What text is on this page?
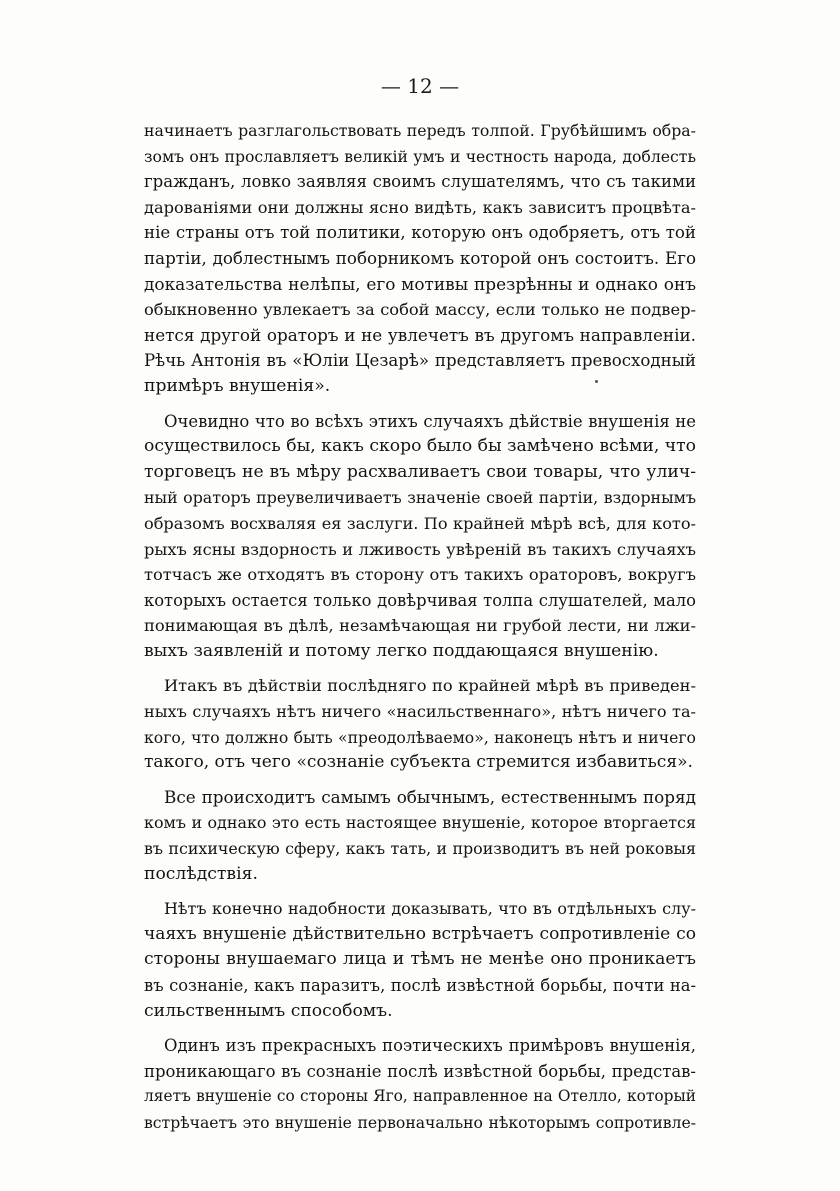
— 12 —
начинаетъ разглагольствовать передъ толпой. Грубѣйшимъ обра-
зомъ онъ прославляетъ великій умъ и честность народа, доблесть
гражданъ, ловко заявляя своимъ слушателямъ, что съ такими
дарованіями они должны ясно видѣть, какъ зависитъ процвѣта-
ніе страны отъ той политики, которую онъ одобряетъ, отъ той
партіи, доблестнымъ поборникомъ которой онъ состоитъ. Его
доказательства нелѣпы, его мотивы презрѣнны и однако онъ
обыкновенно увлекаетъ за собой массу, если только не подвер-
нется другой ораторъ и не увлечетъ въ другомъ направленіи.
Рѣчь Антонія въ «Юліи Цезарѣ» представляетъ превосходный
примѣръ внушенія».
Очевидно что во всѣхъ этихъ случаяхъ дѣйствіе внушенія не
осуществилось бы, какъ скоро было бы замѣчено всѣми, что
торговецъ не въ мѣру расхваливаетъ свои товары, что улич-
ный ораторъ преувеличиваетъ значеніе своей партіи, вздорнымъ
образомъ восхваляя ея заслуги. По крайней мѣрѣ всѣ, для кото-
рыхъ ясны вздорность и лживость увѣреній въ такихъ случаяхъ
тотчасъ же отходятъ въ сторону отъ такихъ ораторовъ, вокругъ
которыхъ остается только довѣрчивая толпа слушателей, мало
понимающая въ дѣлѣ, незамѣчающая ни грубой лести, ни лжи-
выхъ заявленій и потому легко поддающаяся внушенію.
Итакъ въ дѣйствіи послѣдняго по крайней мѣрѣ въ приведен-
ныхъ случаяхъ нѣтъ ничего «насильственнаго», нѣтъ ничего та-
кого, что должно быть «преодолѣваемо», наконецъ нѣтъ и ничего
такого, отъ чего «сознаніе субъекта стремится избавиться».
Все происходитъ самымъ обычнымъ, естественнымъ поряд
комъ и однако это есть настоящее внушеніе, которое вторгается
въ психическую сферу, какъ тать, и производитъ въ ней роковыя
послѣдствія.
Нѣтъ конечно надобности доказывать, что въ отдѣльныхъ слу-
чаяхъ внушеніе дѣйствительно встрѣчаетъ сопротивленіе со
стороны внушаемаго лица и тѣмъ не менѣе оно проникаетъ
въ сознаніе, какъ паразитъ, послѣ извѣстной борьбы, почти на-
сильственнымъ способомъ.
Одинъ изъ прекрасныхъ поэтическихъ примѣровъ внушенія,
проникающаго въ сознаніе послѣ извѣстной борьбы, представ-
ляетъ внушеніе со стороны Яго, направленное на Отелло, который
встрѣчаетъ это внушеніе первоначально нѣкоторымъ сопротивле-
